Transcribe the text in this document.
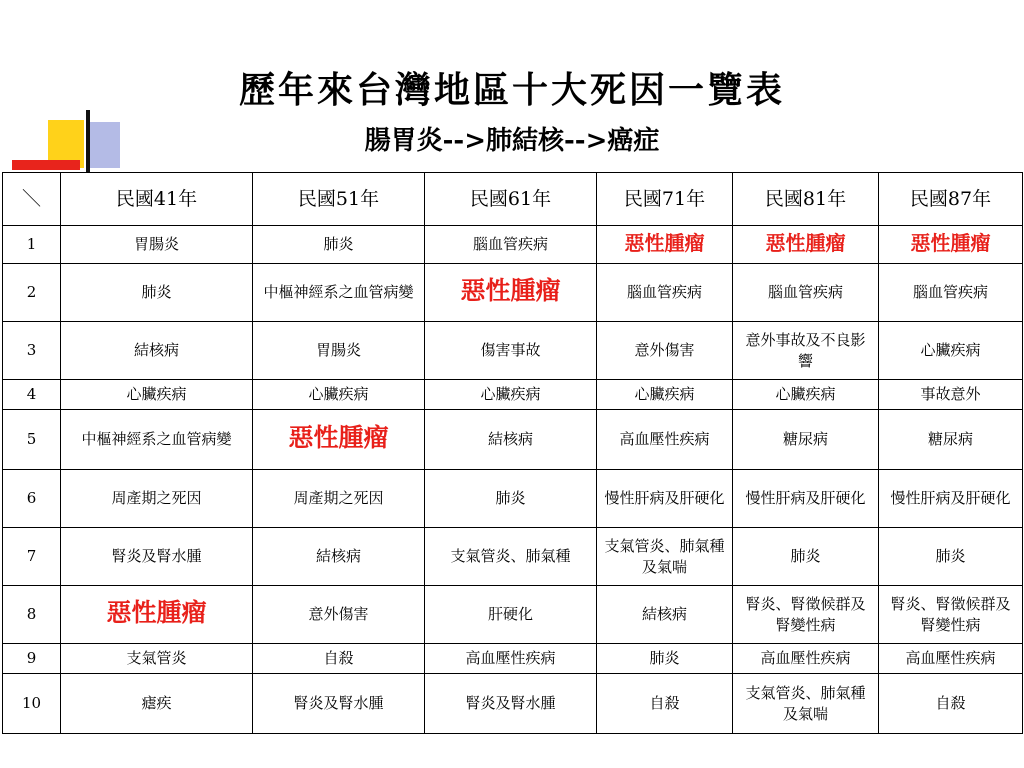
歷年來台灣地區十大死因一覽表
腸胃炎-->肺結核-->癌症
＼	民國41年	民國51年	民國61年	民國71年	民國81年	民國87年
1	胃腸炎	肺炎	腦血管疾病	惡性腫瘤	惡性腫瘤	惡性腫瘤
2	肺炎	中樞神經系之血管病變	惡性腫瘤	腦血管疾病	腦血管疾病	腦血管疾病
3	結核病	胃腸炎	傷害事故	意外傷害	意外事故及不良影響	心臟疾病
4	心臟疾病	心臟疾病	心臟疾病	心臟疾病	心臟疾病	事故意外
5	中樞神經系之血管病變	惡性腫瘤	結核病	高血壓性疾病	糖尿病	糖尿病
6	周產期之死因	周產期之死因	肺炎	慢性肝病及肝硬化	慢性肝病及肝硬化	慢性肝病及肝硬化
7	腎炎及腎水腫	結核病	支氣管炎、肺氣種	支氣管炎、肺氣種及氣喘	肺炎	肺炎
8	惡性腫瘤	意外傷害	肝硬化	結核病	腎炎、腎徵候群及腎變性病	腎炎、腎徵候群及腎變性病
9	支氣管炎	自殺	高血壓性疾病	肺炎	高血壓性疾病	高血壓性疾病
10	瘧疾	腎炎及腎水腫	腎炎及腎水腫	自殺	支氣管炎、肺氣種及氣喘	自殺
